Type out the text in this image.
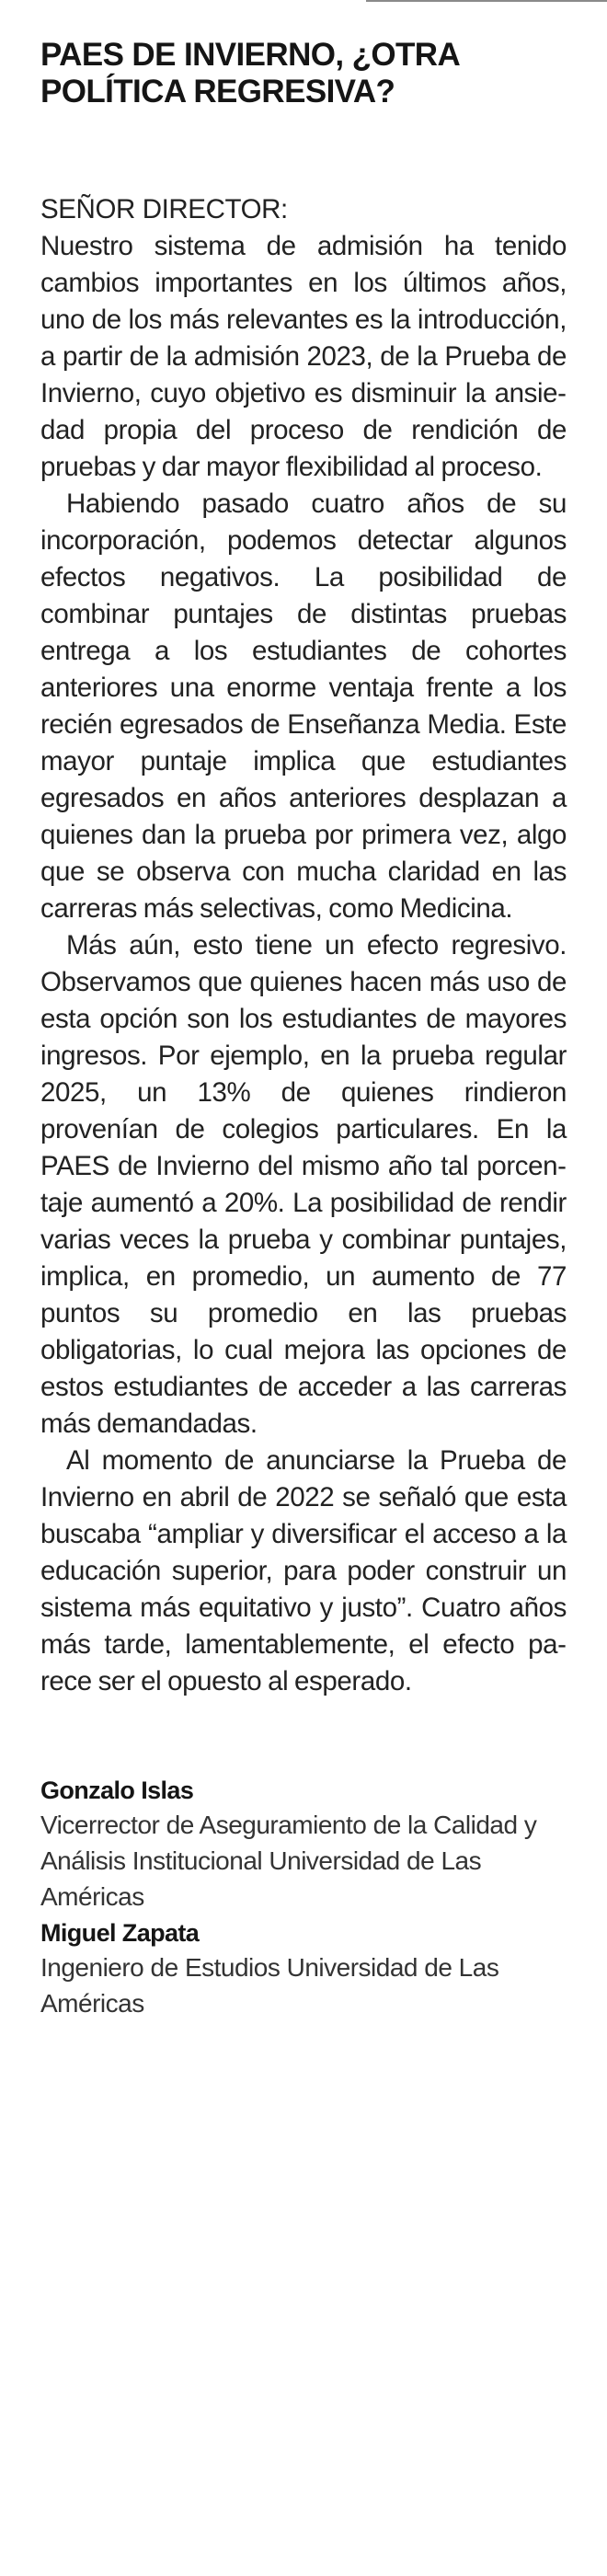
PAES DE INVIERNO, ¿OTRA POLÍTICA REGRESIVA?
SEÑOR DIRECTOR:

Nuestro sistema de admisión ha tenido cambios importantes en los últimos años, uno de los más relevantes es la introducción, a partir de la admisión 2023, de la Prueba de Invierno, cuyo objetivo es disminuir la ansiedad propia del proceso de rendición de pruebas y dar mayor flexibilidad al proceso.

Habiendo pasado cuatro años de su incorporación, podemos detectar algunos efectos negativos. La posibilidad de combinar puntajes de distintas pruebas entrega a los estudiantes de cohortes anteriores una enorme ventaja frente a los recién egresados de Enseñanza Media. Este mayor puntaje implica que estudiantes egresados en años anteriores desplazan a quienes dan la prueba por primera vez, algo que se observa con mucha claridad en las carreras más selectivas, como Medicina.

Más aún, esto tiene un efecto regresivo. Observamos que quienes hacen más uso de esta opción son los estudiantes de mayores ingresos. Por ejemplo, en la prueba regular 2025, un 13% de quienes rindieron provenían de colegios particulares. En la PAES de Invierno del mismo año tal porcentaje aumentó a 20%. La posibilidad de rendir varias veces la prueba y combinar puntajes, implica, en promedio, un aumento de 77 puntos su promedio en las pruebas obligatorias, lo cual mejora las opciones de estos estudiantes de acceder a las carreras más demandadas.

Al momento de anunciarse la Prueba de Invierno en abril de 2022 se señaló que esta buscaba “ampliar y diversificar el acceso a la educación superior, para poder construir un sistema más equitativo y justo”. Cuatro años más tarde, lamentablemente, el efecto parece ser el opuesto al esperado.

Gonzalo Islas

Vicerrector de Aseguramiento de la Calidad y Análisis Institucional Universidad de Las Américas

Miguel Zapata

Ingeniero de Estudios Universidad de Las Américas
